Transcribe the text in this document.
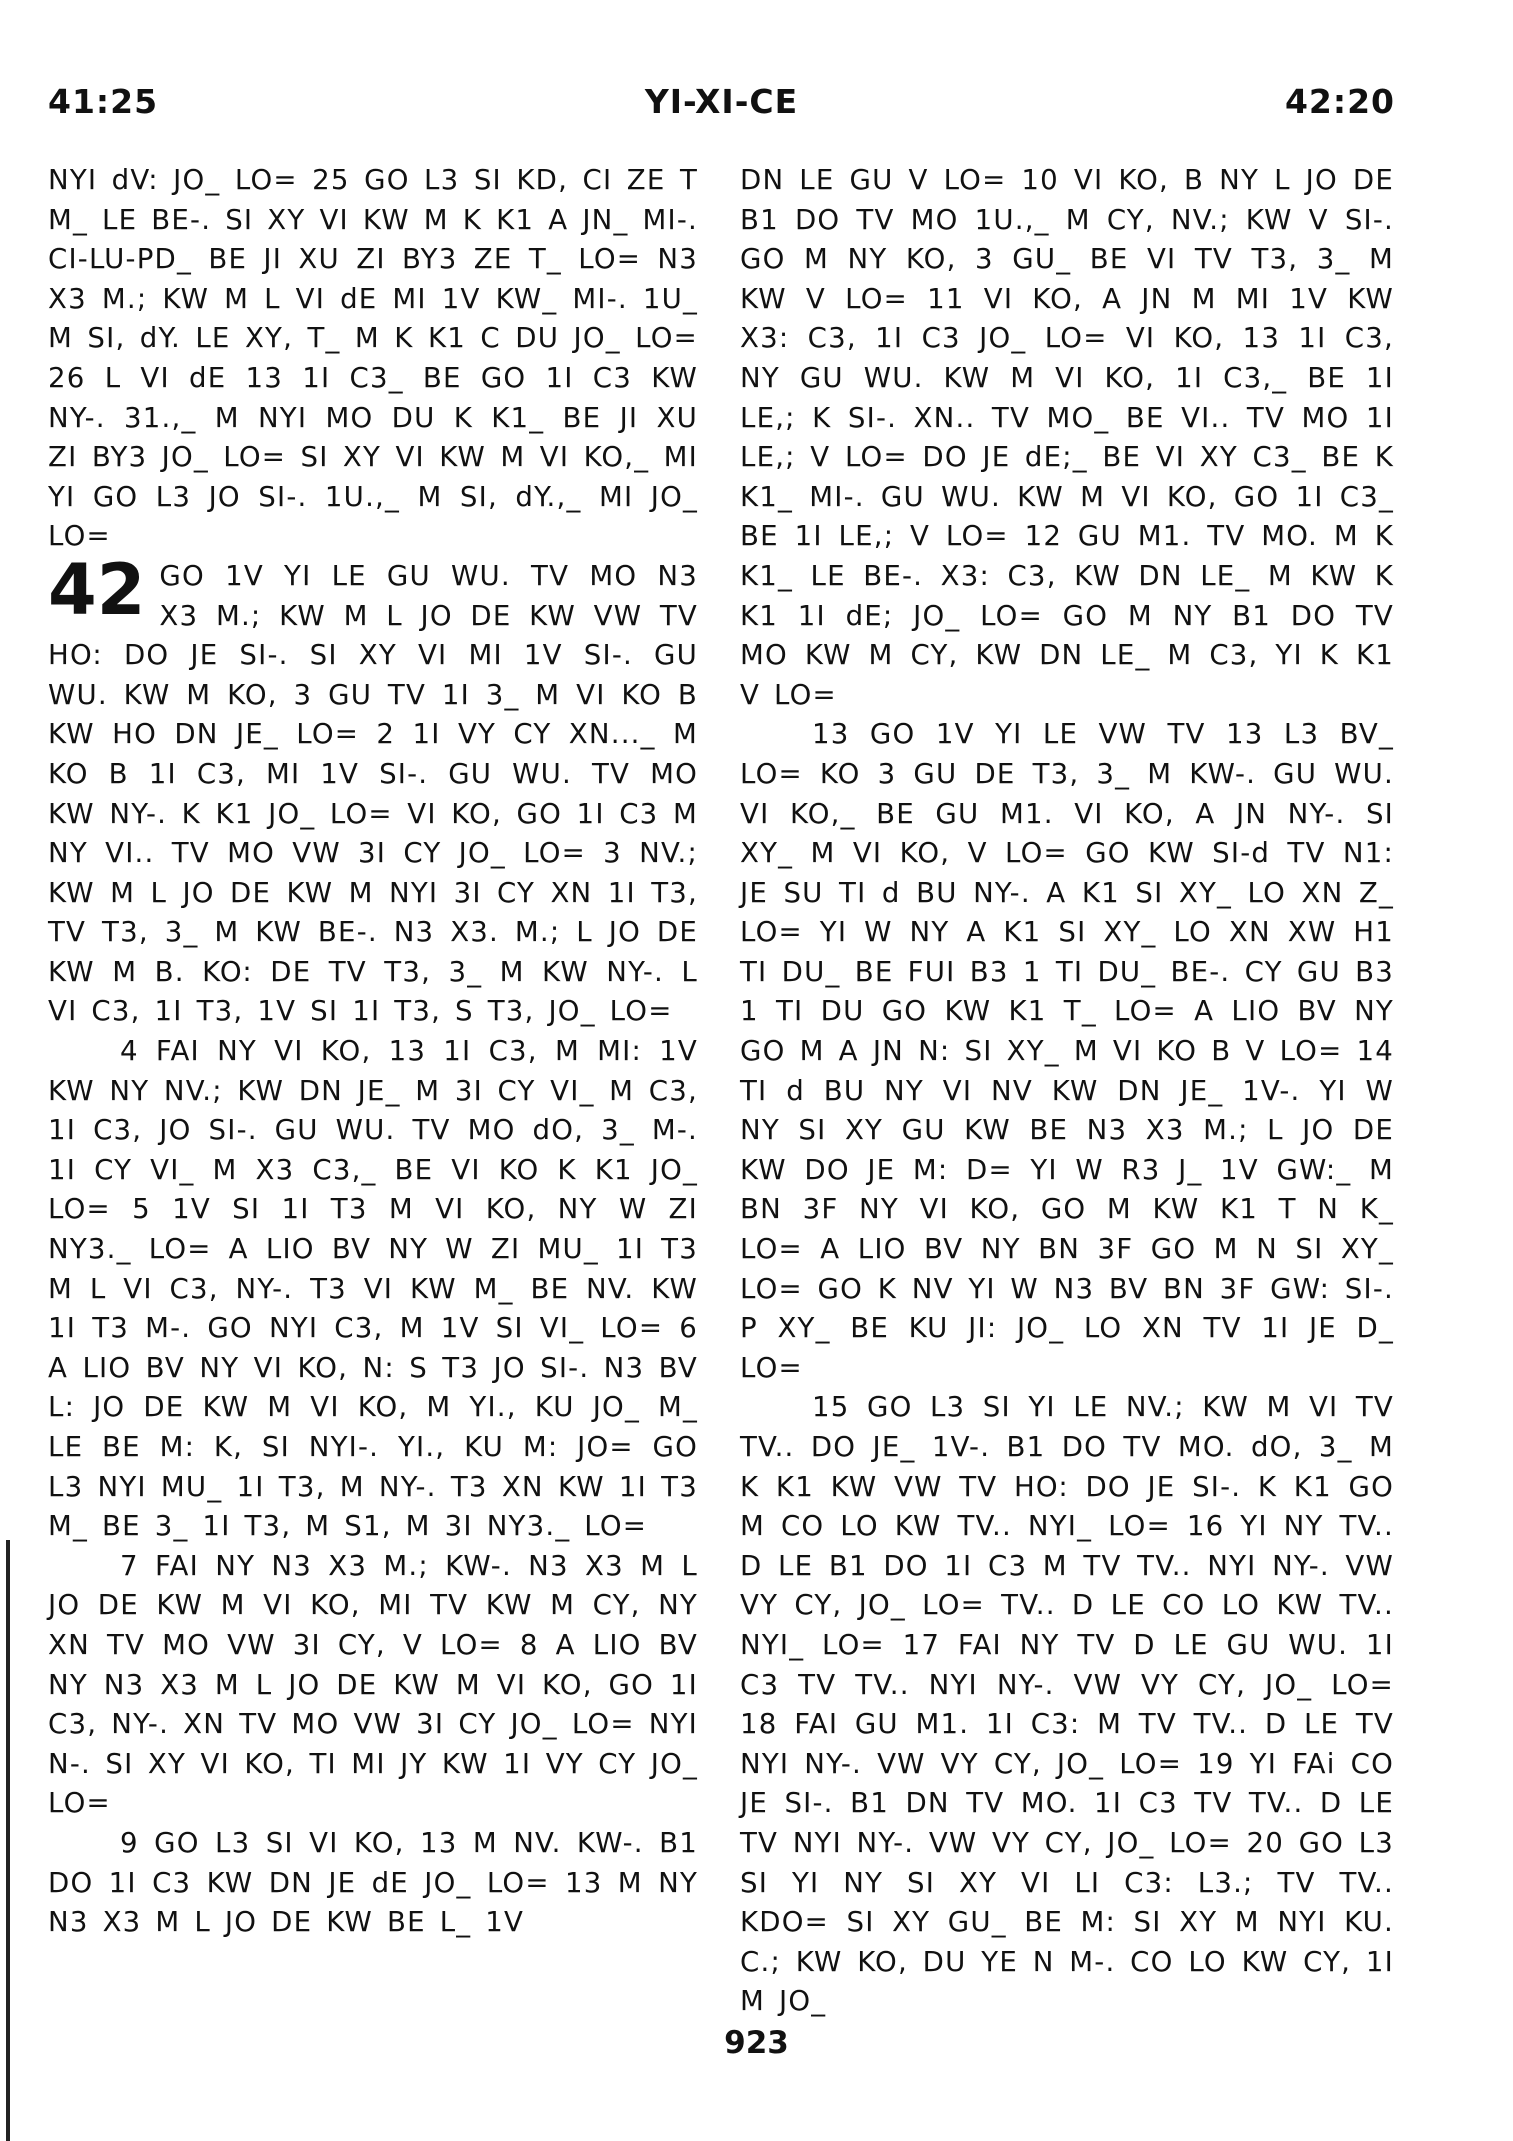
41:25	YI-XI-CE	42:20

NYI dV: JO_ LO= 25 GO L3 SI KD, CI ZE T M_ LE BE-. SI XY VI KW M K K1 A JN_ MI-. CI-LU-PD_ BE JI XU ZI BY3 ZE T_ LO= N3 X3 M.; KW M L VI dE MI 1V KW_ MI-. 1U_ M SI, dY. LE XY, T_ M K K1 C DU JO_ LO= 26 L VI dE 13 1I C3_ BE GO 1I C3 KW NY-. 31.,_ M NYI MO DU K K1_ BE JI XU ZI BY3 JO_ LO= SI XY VI KW M VI KO,_ MI YI GO L3 JO SI-. 1U.,_ M SI, dY.,_ MI JO_ LO=

42 GO 1V YI LE GU WU. TV MO N3 X3 M.; KW M L JO DE KW VW TV HO: DO JE SI-. SI XY VI MI 1V SI-. GU WU. KW M KO, 3 GU TV 1I 3_ M VI KO B KW HO DN JE_ LO= 2 1I VY CY XN..._ M KO B 1I C3, MI 1V SI-. GU WU. TV MO KW NY-. K K1 JO_ LO= VI KO, GO 1I C3 M NY VI.. TV MO VW 3I CY JO_ LO= 3 NV.; KW M L JO DE KW M NYI 3I CY XN 1I T3, TV T3, 3_ M KW BE-. N3 X3. M.; L JO DE KW M B. KO: DE TV T3, 3_ M KW NY-. L VI C3, 1I T3, 1V SI 1I T3, S T3, JO_ LO=

4 FAI NY VI KO, 13 1I C3, M MI: 1V KW NY NV.; KW DN JE_ M 3I CY VI_ M C3, 1I C3, JO SI-. GU WU. TV MO dO, 3_ M-. 1I CY VI_ M X3 C3,_ BE VI KO K K1 JO_ LO= 5 1V SI 1I T3 M VI KO, NY W ZI NY3._ LO= A LIO BV NY W ZI MU_ 1I T3 M L VI C3, NY-. T3 VI KW M_ BE NV. KW 1I T3 M-. GO NYI C3, M 1V SI VI_ LO= 6 A LIO BV NY VI KO, N: S T3 JO SI-. N3 BV L: JO DE KW M VI KO, M YI., KU JO_ M_ LE BE M: K, SI NYI-. YI., KU M: JO= GO L3 NYI MU_ 1I T3, M NY-. T3 XN KW 1I T3 M_ BE 3_ 1I T3, M S1, M 3I NY3._ LO=

7 FAI NY N3 X3 M.; KW-. N3 X3 M L JO DE KW M VI KO, MI TV KW M CY, NY XN TV MO VW 3I CY, V LO= 8 A LIO BV NY N3 X3 M L JO DE KW M VI KO, GO 1I C3, NY-. XN TV MO VW 3I CY JO_ LO= NYI N-. SI XY VI KO, TI MI JY KW 1I VY CY JO_ LO=

9 GO L3 SI VI KO, 13 M NV. KW-. B1 DO 1I C3 KW DN JE dE JO_ LO= 13 M NY N3 X3 M L JO DE KW BE L_ 1V

DN LE GU V LO= 10 VI KO, B NY L JO DE B1 DO TV MO 1U.,_ M CY, NV.; KW V SI-. GO M NY KO, 3 GU_ BE VI TV T3, 3_ M KW V LO= 11 VI KO, A JN M MI 1V KW X3: C3, 1I C3 JO_ LO= VI KO, 13 1I C3, NY GU WU. KW M VI KO, 1I C3,_ BE 1I LE,; K SI-. XN.. TV MO_ BE VI.. TV MO 1I LE,; V LO= DO JE dE;_ BE VI XY C3_ BE K K1_ MI-. GU WU. KW M VI KO, GO 1I C3_ BE 1I LE,; V LO= 12 GU M1. TV MO. M K K1_ LE BE-. X3: C3, KW DN LE_ M KW K K1 1I dE; JO_ LO= GO M NY B1 DO TV MO KW M CY, KW DN LE_ M C3, YI K K1 V LO=

13 GO 1V YI LE VW TV 13 L3 BV_ LO= KO 3 GU DE T3, 3_ M KW-. GU WU. VI KO,_ BE GU M1. VI KO, A JN NY-. SI XY_ M VI KO, V LO= GO KW SI-d TV N1: JE SU TI d BU NY-. A K1 SI XY_ LO XN Z_ LO= YI W NY A K1 SI XY_ LO XN XW H1 TI DU_ BE FUI B3 1 TI DU_ BE-. CY GU B3 1 TI DU GO KW K1 T_ LO= A LIO BV NY GO M A JN N: SI XY_ M VI KO B V LO= 14 TI d BU NY VI NV KW DN JE_ 1V-. YI W NY SI XY GU KW BE N3 X3 M.; L JO DE KW DO JE M: D= YI W R3 J_ 1V GW:_ M BN 3F NY VI KO, GO M KW K1 T N K_ LO= A LIO BV NY BN 3F GO M N SI XY_ LO= GO K NV YI W N3 BV BN 3F GW: SI-. P XY_ BE KU JI: JO_ LO XN TV 1I JE D_ LO=

15 GO L3 SI YI LE NV.; KW M VI TV TV.. DO JE_ 1V-. B1 DO TV MO. dO, 3_ M K K1 KW VW TV HO: DO JE SI-. K K1 GO M CO LO KW TV.. NYI_ LO= 16 YI NY TV.. D LE B1 DO 1I C3 M TV TV.. NYI NY-. VW VY CY, JO_ LO= TV.. D LE CO LO KW TV.. NYI_ LO= 17 FAI NY TV D LE GU WU. 1I C3 TV TV.. NYI NY-. VW VY CY, JO_ LO= 18 FAI GU M1. 1I C3: M TV TV.. D LE TV NYI NY-. VW VY CY, JO_ LO= 19 YI FAi CO JE SI-. B1 DN TV MO. 1I C3 TV TV.. D LE TV NYI NY-. VW VY CY, JO_ LO= 20 GO L3 SI YI NY SI XY VI LI C3: L3.; TV TV.. KDO= SI XY GU_ BE M: SI XY M NYI KU. C.; KW KO, DU YE N M-. CO LO KW CY, 1I M JO_

923
